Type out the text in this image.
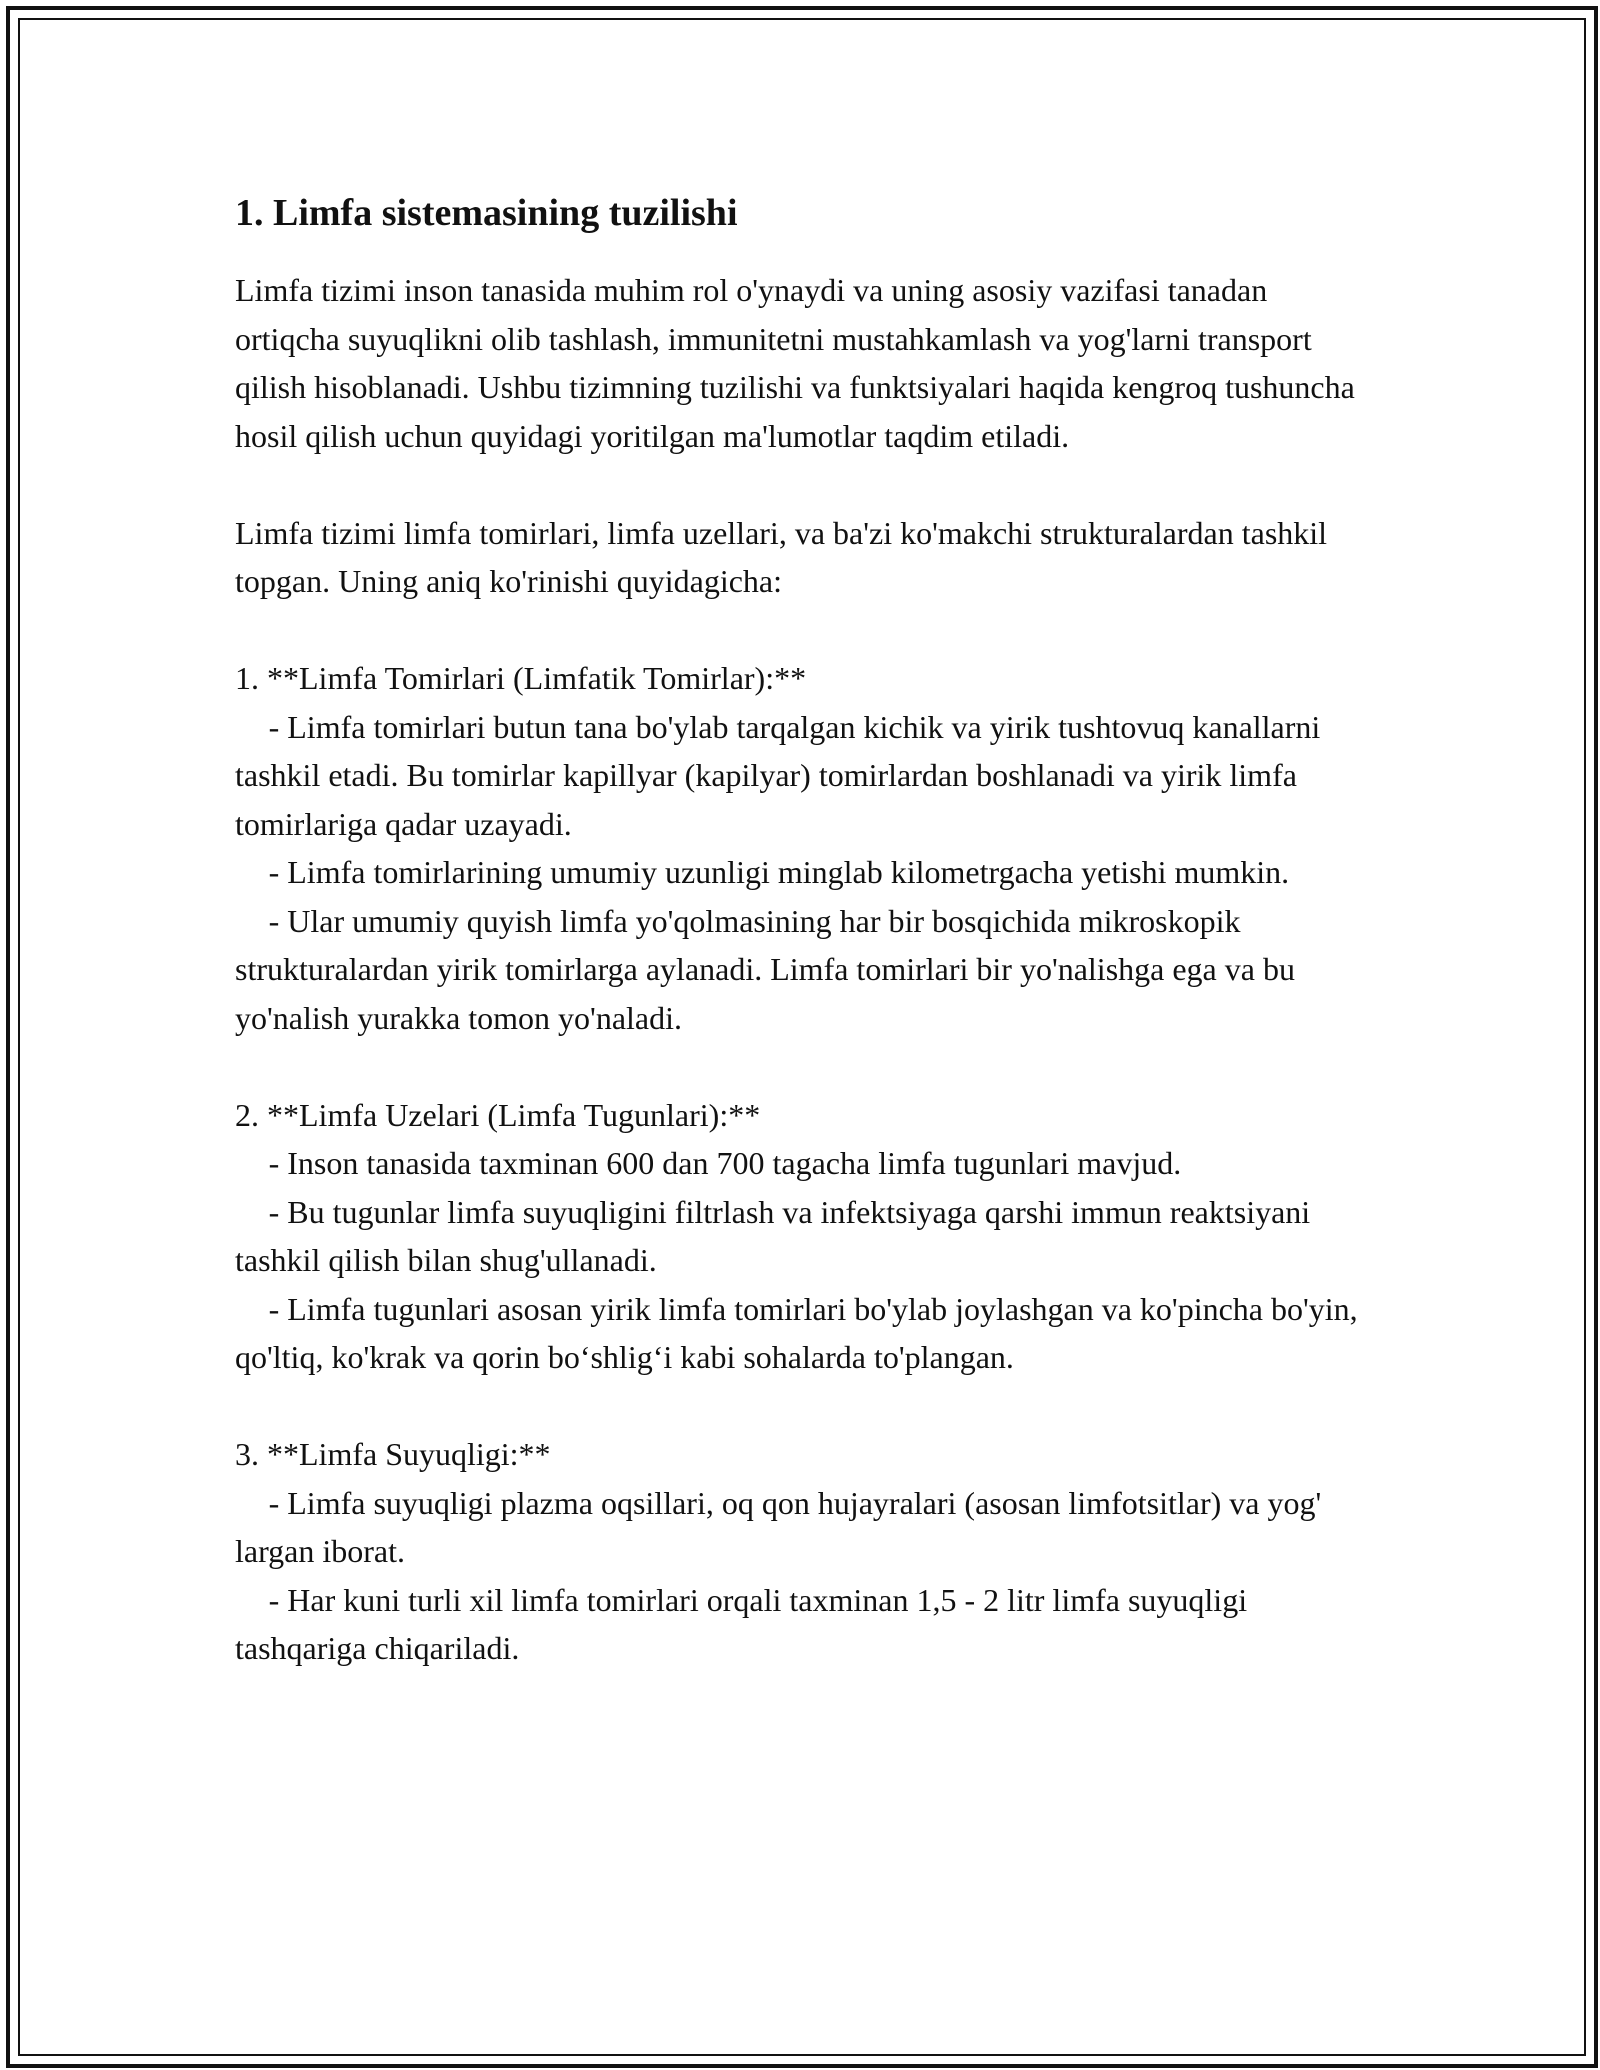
1. Limfa sistemasining tuzilishi

Limfa tizimi inson tanasida muhim rol o'ynaydi va uning asosiy vazifasi tanadan ortiqcha suyuqlikni olib tashlash, immunitetni mustahkamlash va yog'larni transport qilish hisoblanadi. Ushbu tizimning tuzilishi va funktsiyalari haqida kengroq tushuncha hosil qilish uchun quyidagi yoritilgan ma'lumotlar taqdim etiladi.

Limfa tizimi limfa tomirlari, limfa uzellari, va ba'zi ko'makchi strukturalardan tashkil topgan. Uning aniq ko'rinishi quyidagicha:

1. **Limfa Tomirlari (Limfatik Tomirlar):**

- Limfa tomirlari butun tana bo'ylab tarqalgan kichik va yirik tushtovuq kanallarni tashkil etadi. Bu tomirlar kapillyar (kapilyar) tomirlardan boshlanadi va yirik limfa tomirlariga qadar uzayadi.

- Limfa tomirlarining umumiy uzunligi minglab kilometrgacha yetishi mumkin.

- Ular umumiy quyish limfa yo'qolmasining har bir bosqichida mikroskopik strukturalardan yirik tomirlarga aylanadi. Limfa tomirlari bir yo'nalishga ega va bu yo'nalish yurakka tomon yo'naladi.

2. **Limfa Uzelari (Limfa Tugunlari):**

- Inson tanasida taxminan 600 dan 700 tagacha limfa tugunlari mavjud.

- Bu tugunlar limfa suyuqligini filtrlash va infektsiyaga qarshi immun reaktsiyani tashkil qilish bilan shug'ullanadi.

- Limfa tugunlari asosan yirik limfa tomirlari bo'ylab joylashgan va ko'pincha bo'yin, qo'ltiq, ko'krak va qorin bo‘shlig‘i kabi sohalarda to'plangan.

3. **Limfa Suyuqligi:**

- Limfa suyuqligi plazma oqsillari, oq qon hujayralari (asosan limfotsitlar) va yog' largan iborat.

- Har kuni turli xil limfa tomirlari orqali taxminan 1,5 - 2 litr limfa suyuqligi tashqariga chiqariladi.
